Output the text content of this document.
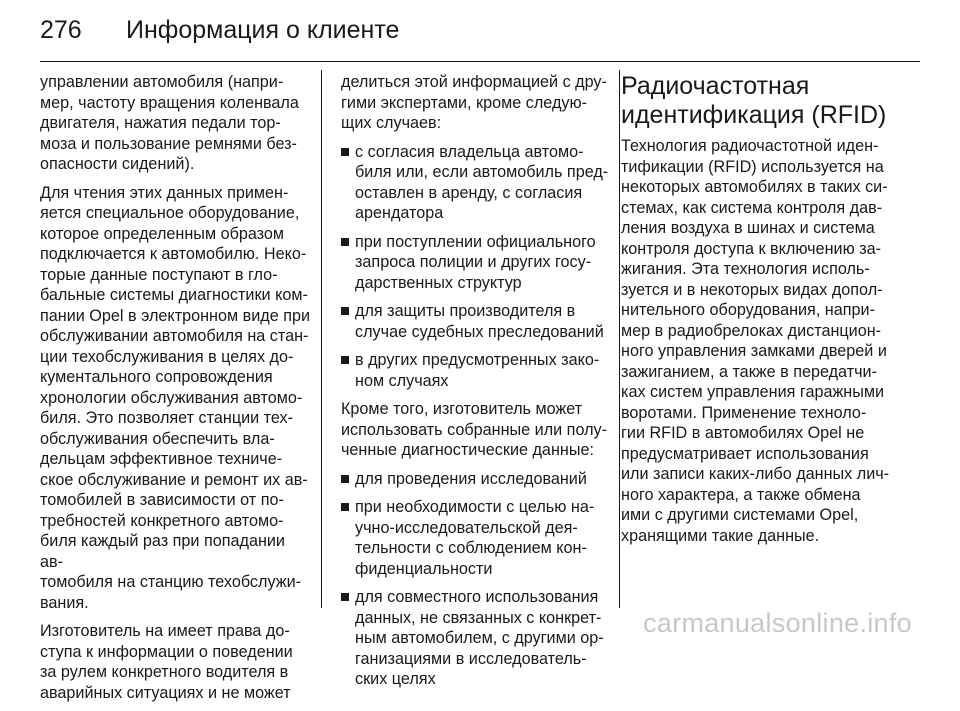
276 Информация о клиенте

управлении автомобиля (напри-
мер, частоту вращения коленвала
двигателя, нажатия педали тор-
моза и пользование ремнями без-
опасности сидений).

Для чтения этих данных примен-
яется специальное оборудование,
которое определенным образом
подключается к автомобилю. Неко-
торые данные поступают в гло-
бальные системы диагностики ком-
пании Opel в электронном виде при
обслуживании автомобиля на стан-
ции техобслуживания в целях до-
кументального сопровождения
хронологии обслуживания автомо-
биля. Это позволяет станции тех-
обслуживания обеспечить вла-
дельцам эффективное техниче-
ское обслуживание и ремонт их ав-
томобилей в зависимости от по-
требностей конкретного автомо-
биля каждый раз при попадании ав-
томобиля на станцию техобслужи-
вания.

Изготовитель на имеет права до-
ступа к информации о поведении
за рулем конкретного водителя в
аварийных ситуациях и не может

делиться этой информацией с дру-
гими экспертами, кроме следую-
щих случаев:

с согласия владельца автомо-
биля или, если автомобиль пред-
оставлен в аренду, с согласия
арендатора
при поступлении официального
запроса полиции и других госу-
дарственных структур
для защиты производителя в
случае судебных преследований
в других предусмотренных зако-
ном случаях

Кроме того, изготовитель может
использовать собранные или полу-
ченные диагностические данные:

для проведения исследований
при необходимости с целью на-
учно-исследовательской дея-
тельности с соблюдением кон-
фиденциальности
для совместного использования
данных, не связанных с конкрет-
ным автомобилем, с другими ор-
ганизациями в исследователь-
ских целях
Радиочастотная
идентификация (RFID)

Технология радиочастотной иден-
тификации (RFID) используется на
некоторых автомобилях в таких си-
стемах, как система контроля дав-
ления воздуха в шинах и система
контроля доступа к включению за-
жигания. Эта технология исполь-
зуется и в некоторых видах допол-
нительного оборудования, напри-
мер в радиобрелоках дистанцион-
ного управления замками дверей и
зажиганием, а также в передатчи-
ках систем управления гаражными
воротами. Применение техноло-
гии RFID в автомобилях Opel не
предусматривает использования
или записи каких-либо данных лич-
ного характера, а также обмена
ими с другими системами Opel,
хранящими такие данные.

carmanualsonline.info
